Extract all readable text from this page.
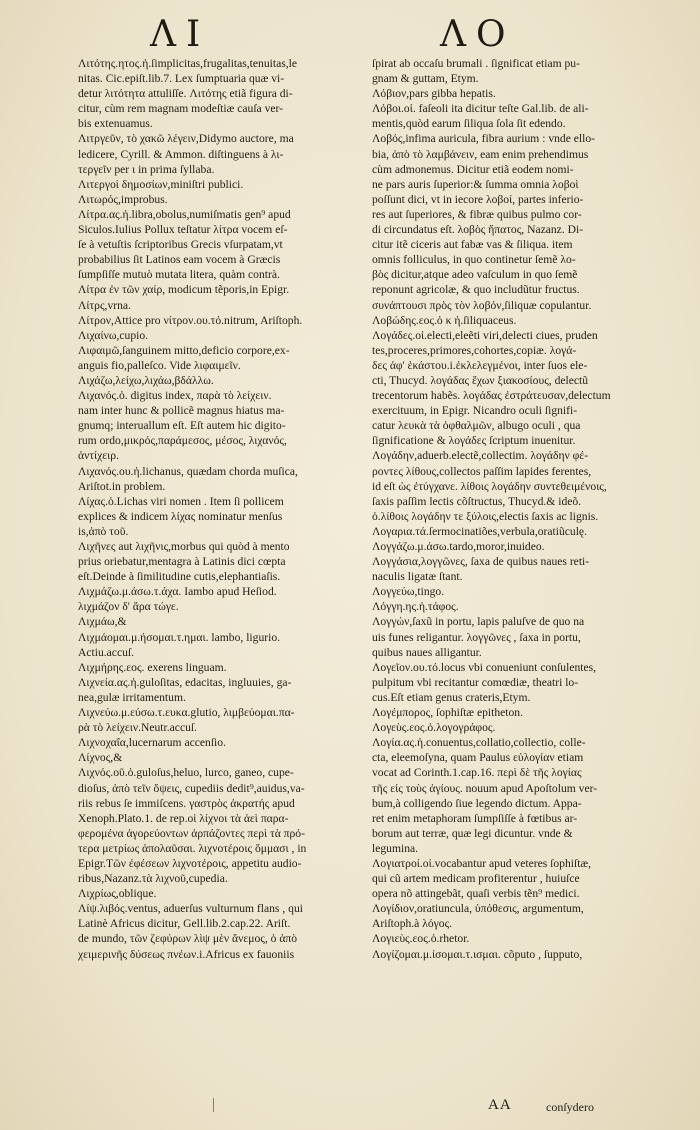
ΛΙ	ΛΟ
Λιτότης.ητος.ἡ.ſimplicitas,frugalitas,tenuitas,le
nitas. Cic.epiſt.lib.7. Lex ſumptuaria quæ vi-
detur λιτότητα attuliſſe. Λιτότης etiã figura di-
citur, cùm rem magnam modeſtiæ cauſa ver-
bis extenuamus.
Λιτργεῦν, τὸ χακῶ λέγειν,Didymo auctore, ma
ledicere, Cyrill. & Ammon. diſtinguens à λι-
τεργεῖν per ι in prima ſyllaba.
Λιτεργοὶ δημοσίων,miniſtri publici.
Λιτωρός,improbus.
Λίτρα.ας.ἡ.libra,obolus,numiſmatis gen⁹ apud
Siculos.Iulius Pollux teſtatur λίτρα vocem eſ-
ſe à vetuſtis ſcriptoribus Grecis vſurpatam,vt
probabilius ſit Latinos eam vocem à Græcis
ſumpſiſſe mutuò mutata litera, quàm contrà.
Λίτρα ἐν τῶν χαίρ, modicum tẽporis,in Epigr.
Λίτρς,vrna.
Λίτρον,Attice pro νίτρον.ου.τό.nitrum, Ariſtoph.
Λιχαίνω,cupio.
Λιφαιμῶ,ſanguinem mitto,deficio corpore,ex-
anguis fio,palleſco. Vide λιφαιμεῖν.
Λιχάζω,λείχω,λιχάω,βδάλλω.
Λιχανός.ὁ. digitus index, παρὰ τὸ λείχειν.
nam inter hunc & pollicẽ magnus hiatus ma-
gnumq; interuallum eſt. Eſt autem hic digito-
rum ordo,μικρός,παράμεσος, μέσος, λιχανός,
ἀντίχειρ.
Λιχανός.ου.ἡ.lichanus, quædam chorda muſica,
Ariſtot.in problem.
Λίχας.ὁ.Lichas viri nomen . Item ſi pollicem
explices & indicem λίχας nominatur menſus
is,ἀπὸ τοῦ.
Λιχῆνες aut λιχῆνις,morbus qui quòd à mento
prius oriebatur,mentagra à Latinis dici cœpta
eſt.Deinde à ſimilitudine cutis,elephantiaſis.
Λιχμάζω.μ.άσω.τ.άχα. Iambo apud Heſiod.
λιχμάζον δ' ἄρα τώγε.
Λιχμάω,&
Λιχμάομαι.μ.ήσομαι.τ.ημαι. lambo, ligurio.
Actiu.accuſ.
Λιχμήρης.εος. exerens linguam.
Λιχνεία.ας.ἡ.guloſitas, edacitas, ingluuies, ga-
nea,gulæ irritamentum.
Λιχνεύω.μ.εύσω.τ.ευκα.glutio, λιμβεύομαι.πα-
ρὰ τὸ λείχειν.Neutr.accuſ.
Λιχνοχαΐα,lucernarum accenſio.
Λίχνος,&
Λιχνός.οῦ.ὁ.guloſus,heluo, lurco, ganeo, cupe-
dioſus, ἀπὸ τεῖν ὄψεις, cupediis dedit⁹,auidus,va-
riis rebus ſe immiſcens. γαστρὸς ἀκρατής apud
Xenoph.Plato.1. de rep.οἱ λίχνοι τὰ ἀεὶ παρα-
φερομένα ἀγορεύοντων ἀρπάζοντες περὶ τὰ πρό-
τερα μετρίως ἀπολαῦσαι. λιχνοτέροις ὄμμασι , in
Epigr.Tῶν ἐφέσεων λιχνοτέροις, appetitu audio-
ribus,Nazanz.τὰ λιχνοῦ,cupedia.
Λιχρίως,oblique.
Λίψ.λιβός.ventus, aduerſus vulturnum flans , qui
Latinè Africus dicitur, Gell.lib.2.cap.22. Ariſt.
de mundo, τῶν ζεφύρων λὶψ μὲν ἄνεμος, ὁ ἀπὸ
χειμερινῆς δύσεως πνέων.i.Africus ex fauoniis
ſpirat ab occaſu brumali . ſignificat etiam pu-
gnam & guttam, Etym.
Λόβιον,pars gibba hepatis.
Λόβοι.οἱ. faſeoli ita dicitur teſte Gal.lib. de ali-
mentis,quòd earum ſiliqua ſola ſit edendo.
Λοβός,infima auricula, fibra aurium : vnde ello-
bia, ἀπὸ τὸ λαμβάνειν, eam enim prehendimus
cùm admonemus. Dicitur etiã eodem nomi-
ne pars auris ſuperior:& ſumma omnia λοβοὶ
poſſunt dici, vt in iecore λοβοί, partes inferio-
res aut ſuperiores, & fibræ quibus pulmo cor-
di circundatus eſt. λοβὸς ἥπατος, Nazanz. Di-
citur itẽ ciceris aut fabæ vas & ſiliqua. item
omnis folliculus, in quo continetur ſemẽ λο-
βὸς dicitur,atque adeo vaſculum in quo ſemẽ
reponunt agricolæ, & quo includũtur fructus.
συνάπτουσι πρὸς τὸν λοβόν,ſiliquæ copulantur.
Λοβώδης.εος.ὁ κ ἡ.ſiliquaceus.
Λογάδες.οἱ.electi,eleẽti viri,delecti ciues, pruden
tes,proceres,primores,cohortes,copiæ. λογά-
δες ἀφ' ἑκάστου.i.ἐκλελεγμένοι, inter ſuos ele-
cti, Thucyd. λογάδας ἔχων ξιακοσίους, delectũ
trecentorum habẽs. λογάδας ἐστράτευσαν,delectum
exercituum, in Epigr. Nicandro oculi ſignifi-
catur λευκὰ τὰ ὀφθαλμῶν, albugo oculi , qua
ſignificatione & λογάδες ſcriptum inuenitur.
Λογάδην,aduerb.electẽ,collectim. λογάδην φέ-
ροντες λίθους,collectos paſſim lapides ferentes,
id eſt ὡς ἐτύγχανε. λίθοις λογάδην συντεθειμένοις,
ſaxis paſſim lectis cõſtructus, Thucyd.& ideõ.
ὁ.λίθοις λογάδην τε ξύλοις,electis ſaxis ac lignis.
Λογαρια.τά.ſermocinatiões,verbula,oratiũculę.
Λογγάζω.μ.άσω.tardo,moror,inuideo.
Λογγάσια,λογγῶνες, ſaxa de quibus naues reti-
naculis ligatæ ſtant.
Λογγεύω,tingo.
Λόγγη.ης.ἡ.τάφος.
Λογγών,ſaxũ in portu, lapis paluſve de quo na
uis funes religantur. λογγῶνες , ſaxa in portu,
quibus naues alligantur.
Λογεῖον.ου.τό.locus vbi conueniunt conſulentes,
pulpitum vbi recitantur comœdiæ, theatri lo-
cus.Eſt etiam genus crateris,Etym.
Λογέμπορος, ſophiſtæ epitheton.
Λογεὺς.εος.ὁ.λογογράφος.
Λογία.ας.ἡ.conuentus,collatio,collectio, colle-
cta, eleemoſyna, quam Paulus εὐλογίαν etiam
vocat ad Corinth.1.cap.16. περὶ δὲ τῆς λογίας
τῆς εἰς τοὺς ἁγίους. nouum apud Apoſtolum ver-
bum,à colligendo ſiue legendo dictum. Appa-
ret enim metaphoram ſumpſiſſe à fœtibus ar-
borum aut terræ, quæ legi dicuntur. vnde &
legumina.
Λογιατροί.οἱ.vocabantur apud veteres ſophiſtæ,
qui cũ artem medicam profiterentur , huiuſce
opera nõ attingebãt, quaſi verbis tẽn⁹ medici.
Λογίδιον,oratiuncula, ὑπόθεσις, argumentum,
Ariſtoph.à λόγος.
Λογιεὺς.εος.ὁ.rhetor.
Λογίζομαι.μ.ίσομαι.τ.ισμαι. cõputo , ſupputo,
AA	conſydero
